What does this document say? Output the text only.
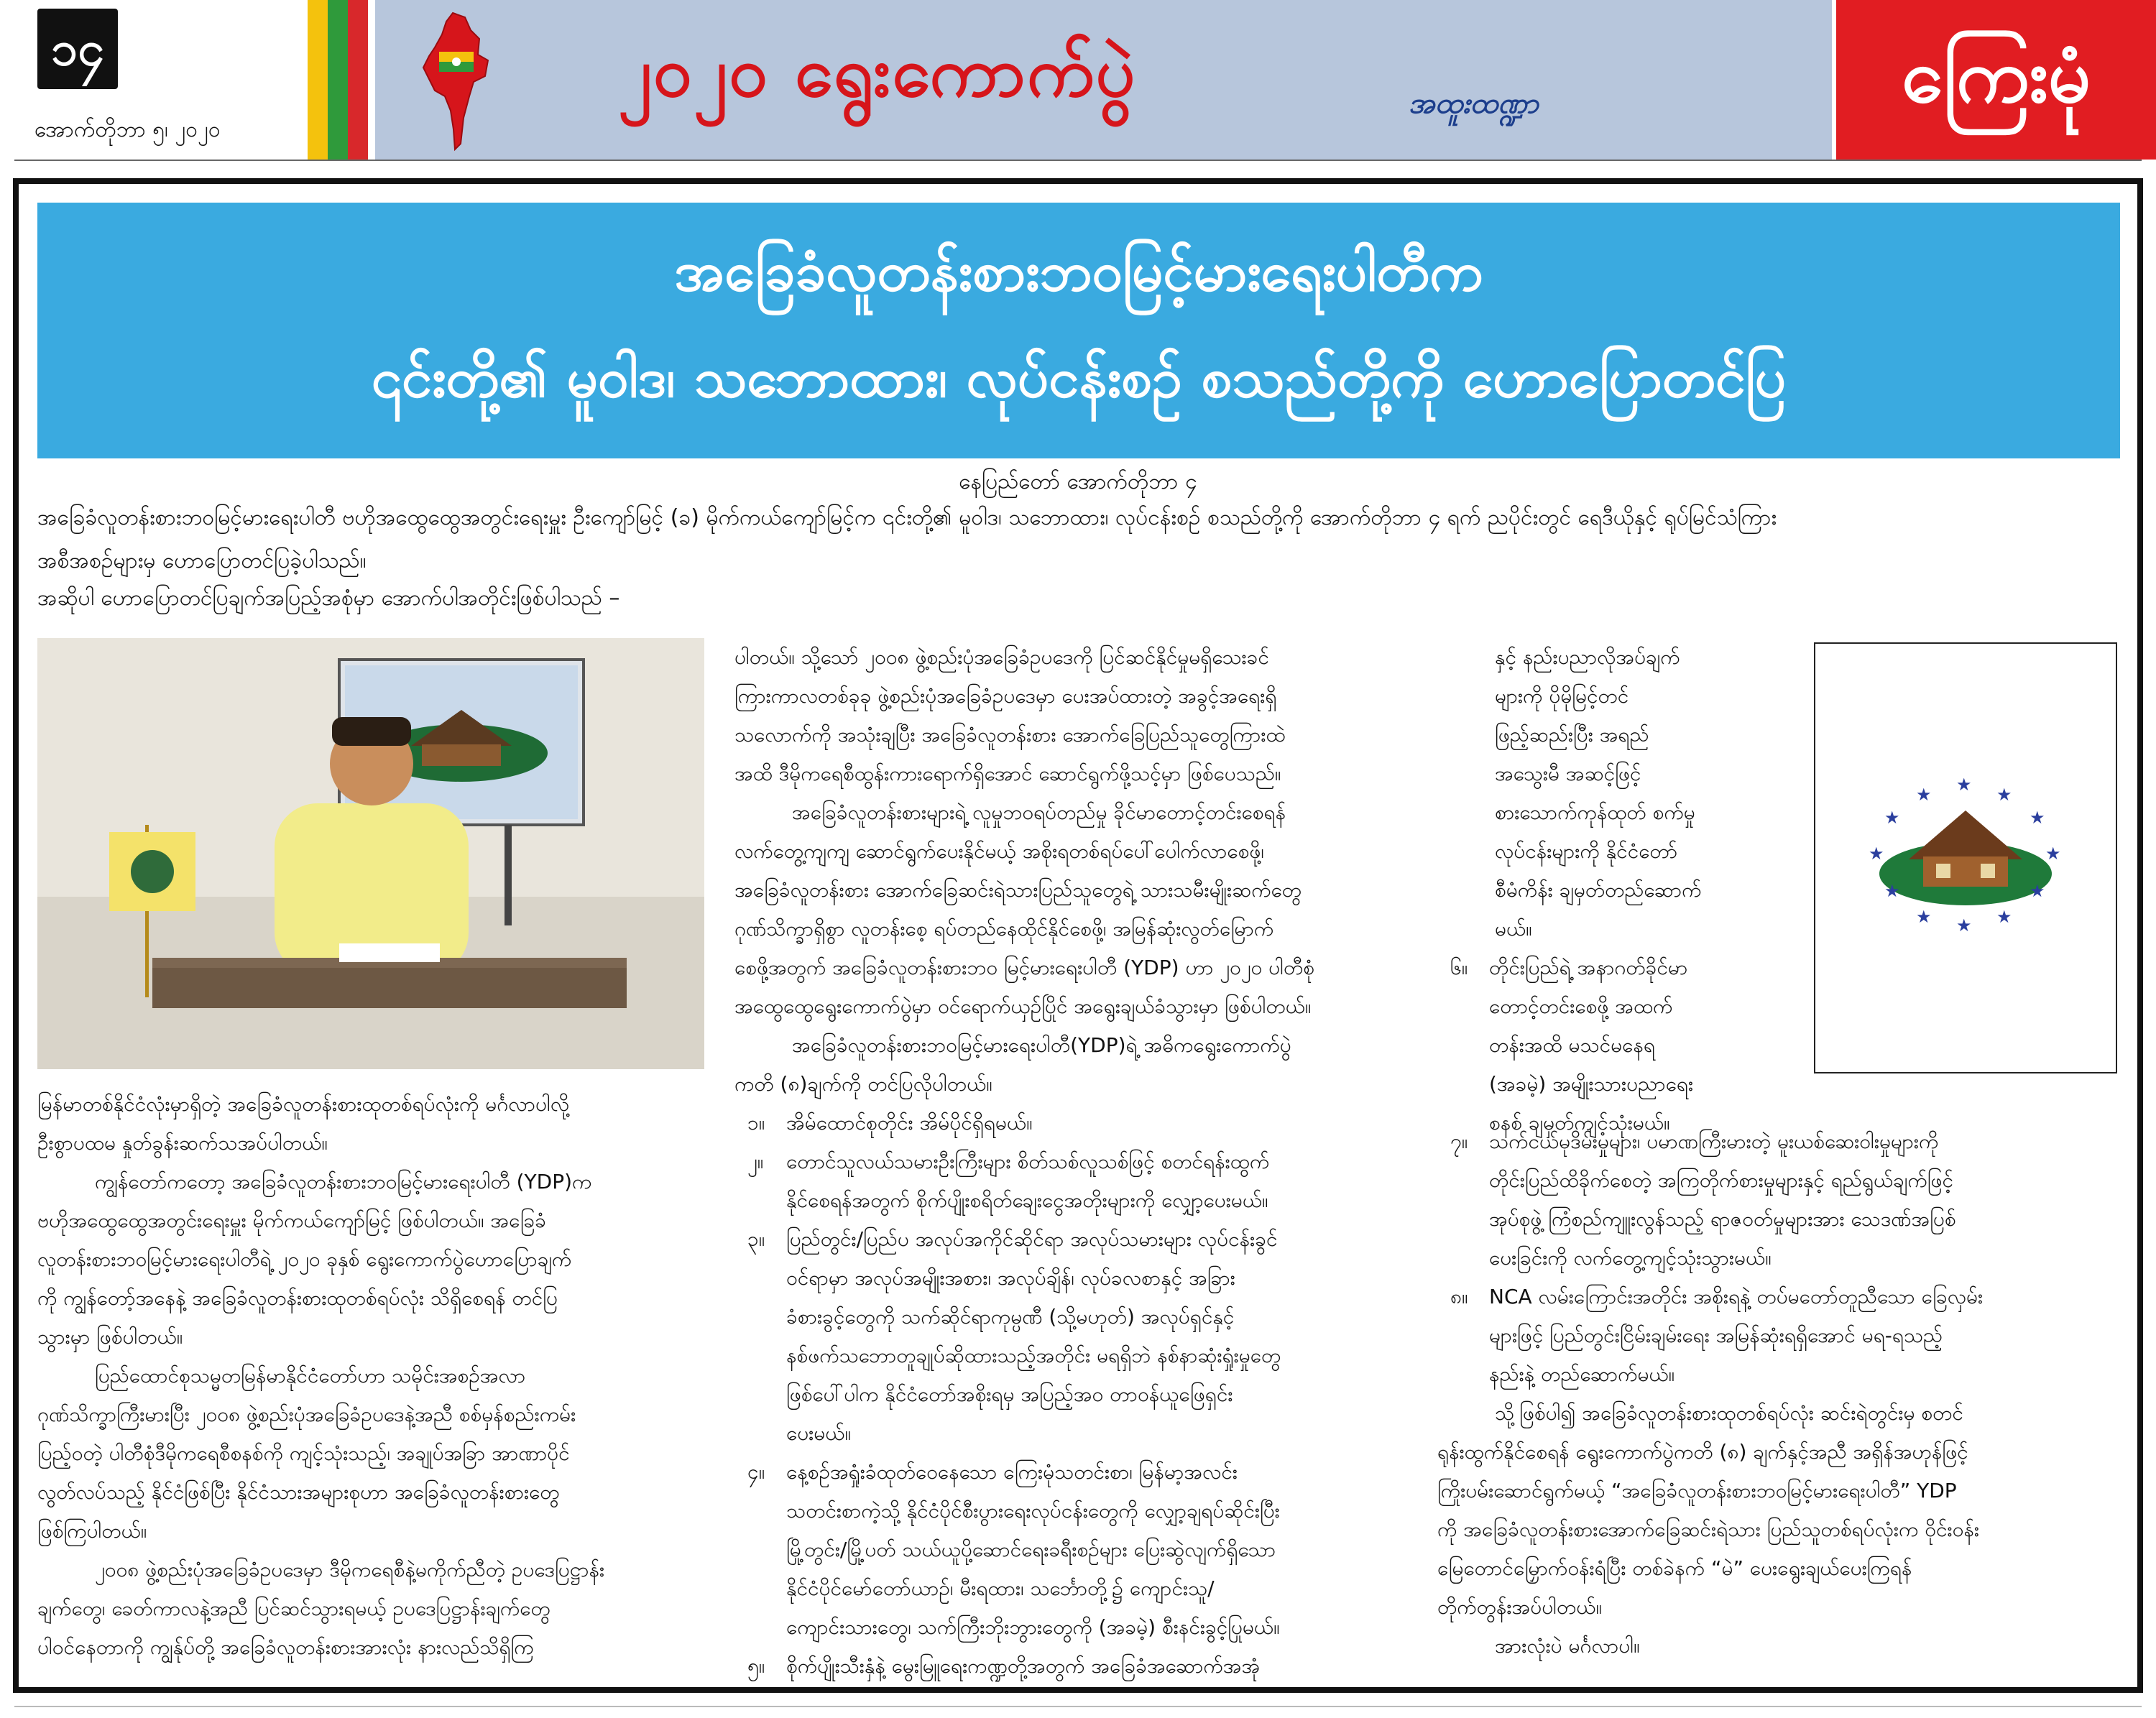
၁၄
အောက်တိုဘာ ၅၊ ၂၀၂၀
၂၀၂၀ ရွေးကောက်ပွဲ	အထူးထဏ္ဍာ	ကြေးမုံ
အခြေခံလူတန်းစားဘဝမြင့်မားရေးပါတီက
၎င်းတို့၏ မူဝါဒ၊ သဘောထား၊ လုပ်ငန်းစဉ် စသည်တို့ကို ဟောပြောတင်ပြ
နေပြည်တော် အောက်တိုဘာ ၄
အခြေခံလူတန်းစားဘဝမြင့်မားရေးပါတီ ဗဟိုအထွေထွေအတွင်းရေးမှူး ဦးကျော်မြင့် (ခ) မိုက်ကယ်ကျော်မြင့်က ၎င်းတို့၏ မူဝါဒ၊ သဘောထား၊ လုပ်ငန်းစဉ် စသည်တို့ကို အောက်တိုဘာ ၄ ရက် ညပိုင်းတွင် ရေဒီယိုနှင့် ရုပ်မြင်သံကြား
အစီအစဉ်များမှ ဟောပြောတင်ပြခဲ့ပါသည်။
အဆိုပါ ဟောပြောတင်ပြချက်အပြည့်အစုံမှာ အောက်ပါအတိုင်းဖြစ်ပါသည် –

မြန်မာတစ်နိုင်ငံလုံးမှာရှိတဲ့ အခြေခံလူတန်းစားထုတစ်ရပ်လုံးကို မင်္ဂလာပါလို့

ဦးစွာပထမ နှုတ်ခွန်းဆက်သအပ်ပါတယ်။

ကျွန်တော်ကတော့ အခြေခံလူတန်းစားဘဝမြင့်မားရေးပါတီ (YDP)က

ဗဟိုအထွေထွေအတွင်းရေးမှူး မိုက်ကယ်ကျော်မြင့် ဖြစ်ပါတယ်။ အခြေခံ

လူတန်းစားဘဝမြင့်မားရေးပါတီရဲ့ ၂၀၂၀ ခုနှစ် ရွေးကောက်ပွဲဟောပြောချက်

ကို ကျွန်တော့်အနေနဲ့ အခြေခံလူတန်းစားထုတစ်ရပ်လုံး သိရှိစေရန် တင်ပြ

သွားမှာ ဖြစ်ပါတယ်။

ပြည်ထောင်စုသမ္မတမြန်မာနိုင်ငံတော်ဟာ သမိုင်းအစဉ်အလာ

ဂုဏ်သိက္ခာကြီးမားပြီး ၂၀၀၈ ဖွဲ့စည်းပုံအခြေခံဥပဒေနဲ့အညီ စစ်မှန်စည်းကမ်း

ပြည့်ဝတဲ့ ပါတီစုံဒီမိုကရေစီစနစ်ကို ကျင့်သုံးသည့်၊ အချုပ်အခြာ အာဏာပိုင်

လွတ်လပ်သည့် နိုင်ငံဖြစ်ပြီး နိုင်ငံသားအများစုဟာ အခြေခံလူတန်းစားတွေ

ဖြစ်ကြပါတယ်။

၂၀၀၈ ဖွဲ့စည်းပုံအခြေခံဥပဒေမှာ ဒီမိုကရေစီနဲ့မကိုက်ညီတဲ့ ဥပဒေပြဋ္ဌာန်း

ချက်တွေ၊ ခေတ်ကာလနဲ့အညီ ပြင်ဆင်သွားရမယ့် ဥပဒေပြဋ္ဌာန်းချက်တွေ

ပါဝင်နေတာကို ကျွန်ုပ်တို့ အခြေခံလူတန်းစားအားလုံး နားလည်သိရှိကြ

ပါတယ်။ သို့သော် ၂၀၀၈ ဖွဲ့စည်းပုံအခြေခံဥပဒေကို ပြင်ဆင်နိုင်မှုမရှိသေးခင်

ကြားကာလတစ်ခုခု ဖွဲ့စည်းပုံအခြေခံဥပဒေမှာ ပေးအပ်ထားတဲ့ အခွင့်အရေးရှိ

သလောက်ကို အသုံးချပြီး အခြေခံလူတန်းစား အောက်ခြေပြည်သူတွေကြားထဲ

အထိ ဒီမိုကရေစီထွန်းကားရောက်ရှိအောင် ဆောင်ရွက်ဖို့သင့်မှာ ဖြစ်ပေသည်။

အခြေခံလူတန်းစားများရဲ့ လူမှုဘဝရပ်တည်မှု ခိုင်မာတောင့်တင်းစေရန်

လက်တွေ့ကျကျ ဆောင်ရွက်ပေးနိုင်မယ့် အစိုးရတစ်ရပ်ပေါ်ပေါက်လာစေဖို့၊

အခြေခံလူတန်းစား အောက်ခြေဆင်းရဲသားပြည်သူတွေရဲ့ သားသမီးမျိုးဆက်တွေ

ဂုဏ်သိက္ခာရှိစွာ လူတန်းစေ့ ရပ်တည်နေထိုင်နိုင်စေဖို့၊ အမြန်ဆုံးလွတ်မြောက်

စေဖို့အတွက် အခြေခံလူတန်းစားဘဝ မြင့်မားရေးပါတီ (YDP) ဟာ ၂၀၂၀ ပါတီစုံ

အထွေထွေရွေးကောက်ပွဲမှာ ဝင်ရောက်ယှဉ်ပြိုင် အရွေးချယ်ခံသွားမှာ ဖြစ်ပါတယ်။

အခြေခံလူတန်းစားဘဝမြင့်မားရေးပါတီ(YDP)ရဲ့ အဓိကရွေးကောက်ပွဲ

ကတိ (၈)ချက်ကို တင်ပြလိုပါတယ်။

၁။ အိမ်ထောင်စုတိုင်း အိမ်ပိုင်ရှိရမယ်။

၂။ တောင်သူလယ်သမားဦးကြီးများ စိတ်သစ်လူသစ်ဖြင့် စတင်ရန်းထွက်

နိုင်စေရန်အတွက် စိုက်ပျိုးစရိတ်ချေးငွေအတိုးများကို လျှော့ပေးမယ်။

၃။ ပြည်တွင်း/ပြည်ပ အလုပ်အကိုင်ဆိုင်ရာ အလုပ်သမားများ လုပ်ငန်းခွင်

ဝင်ရာမှာ အလုပ်အမျိုးအစား၊ အလုပ်ချိန်၊ လုပ်ခလစာနှင့် အခြား

ခံစားခွင့်တွေကို သက်ဆိုင်ရာကုမ္ပဏီ (သို့မဟုတ်) အလုပ်ရှင်နှင့်

နစ်ဖက်သဘောတူချုပ်ဆိုထားသည့်အတိုင်း မရရှိဘဲ နစ်နာဆုံးရှုံးမှုတွေ

ဖြစ်ပေါ်ပါက နိုင်ငံတော်အစိုးရမှ အပြည့်အဝ တာဝန်ယူဖြေရှင်း

ပေးမယ်။

၄။ နေ့စဉ်အရှုံးခံထုတ်ဝေနေသော ကြေးမုံသတင်းစာ၊ မြန်မာ့အလင်း

သတင်းစာကဲ့သို့ နိုင်ငံပိုင်စီးပွားရေးလုပ်ငန်းတွေကို လျှော့ချရပ်ဆိုင်းပြီး

မြို့တွင်း/မြို့ပတ် သယ်ယူပို့ဆောင်ရေးခရီးစဉ်များ ပြေးဆွဲလျက်ရှိသော

နိုင်ငံပိုင်မော်တော်ယာဉ်၊ မီးရထား၊ သင်္ဘောတို့၌ ကျောင်းသူ/

ကျောင်းသားတွေ၊ သက်ကြီးဘိုးဘွားတွေကို (အခမဲ့) စီးနင်းခွင့်ပြုမယ်။

၅။ စိုက်ပျိုးသီးနှံနဲ့ မွေးမြူရေးကဏ္ဍတို့အတွက် အခြေခံအဆောက်အအုံ

နှင့် နည်းပညာလိုအပ်ချက်

များကို ပိုမိုမြင့်တင်

ဖြည့်ဆည်းပြီး အရည်

အသွေးမီ အဆင့်ဖြင့်

စားသောက်ကုန်ထုတ် စက်မှု

လုပ်ငန်းများကို နိုင်ငံတော်

စီမံကိန်း ချမှတ်တည်ဆောက်

မယ်။

၆။ တိုင်းပြည်ရဲ့ အနာဂတ်ခိုင်မာ

တောင့်တင်းစေဖို့ အထက်

တန်းအထိ မသင်မနေရ

(အခမဲ့) အမျိုးသားပညာရေး

စနစ် ချမှတ်ကျင့်သုံးမယ်။

★
★
★ ★ ★
★
★
★
★
★
★
★
၇။ သက်ငယ်မုဒိမ်းမှုများ၊ ပမာဏကြီးမားတဲ့ မူးယစ်ဆေးဝါးမှုများကို

တိုင်းပြည်ထိခိုက်စေတဲ့ အကြတိုက်စားမှုများနှင့် ရည်ရွယ်ချက်ဖြင့်

အုပ်စုဖွဲ့ ကြံစည်ကျူးလွန်သည့် ရာဇဝတ်မှုများအား သေဒဏ်အပြစ်

ပေးခြင်းကို လက်တွေ့ကျင့်သုံးသွားမယ်။

၈။ NCA လမ်းကြောင်းအတိုင်း အစိုးရနဲ့ တပ်မတော်တူညီသော ခြေလှမ်း

များဖြင့် ပြည်တွင်းငြိမ်းချမ်းရေး အမြန်ဆုံးရရှိအောင် မရ-ရသည့်

နည်းနဲ့ တည်ဆောက်မယ်။

သို့ဖြစ်ပါ၍ အခြေခံလူတန်းစားထုတစ်ရပ်လုံး ဆင်းရဲတွင်းမှ စတင်

ရုန်းထွက်နိုင်စေရန် ရွေးကောက်ပွဲကတိ (၈) ချက်နှင့်အညီ အရှိန်အဟုန်ဖြင့်

ကြိုးပမ်းဆောင်ရွက်မယ့် “အခြေခံလူတန်းစားဘဝမြင့်မားရေးပါတီ” YDP

ကို အခြေခံလူတန်းစားအောက်ခြေဆင်းရဲသား ပြည်သူတစ်ရပ်လုံးက ဝိုင်းဝန်း

မြေတောင်မြှောက်ဝန်းရံပြီး တစ်ခဲနက် “မဲ” ပေးရွေးချယ်ပေးကြရန်

တိုက်တွန်းအပ်ပါတယ်။

အားလုံးပဲ မင်္ဂလာပါ။
